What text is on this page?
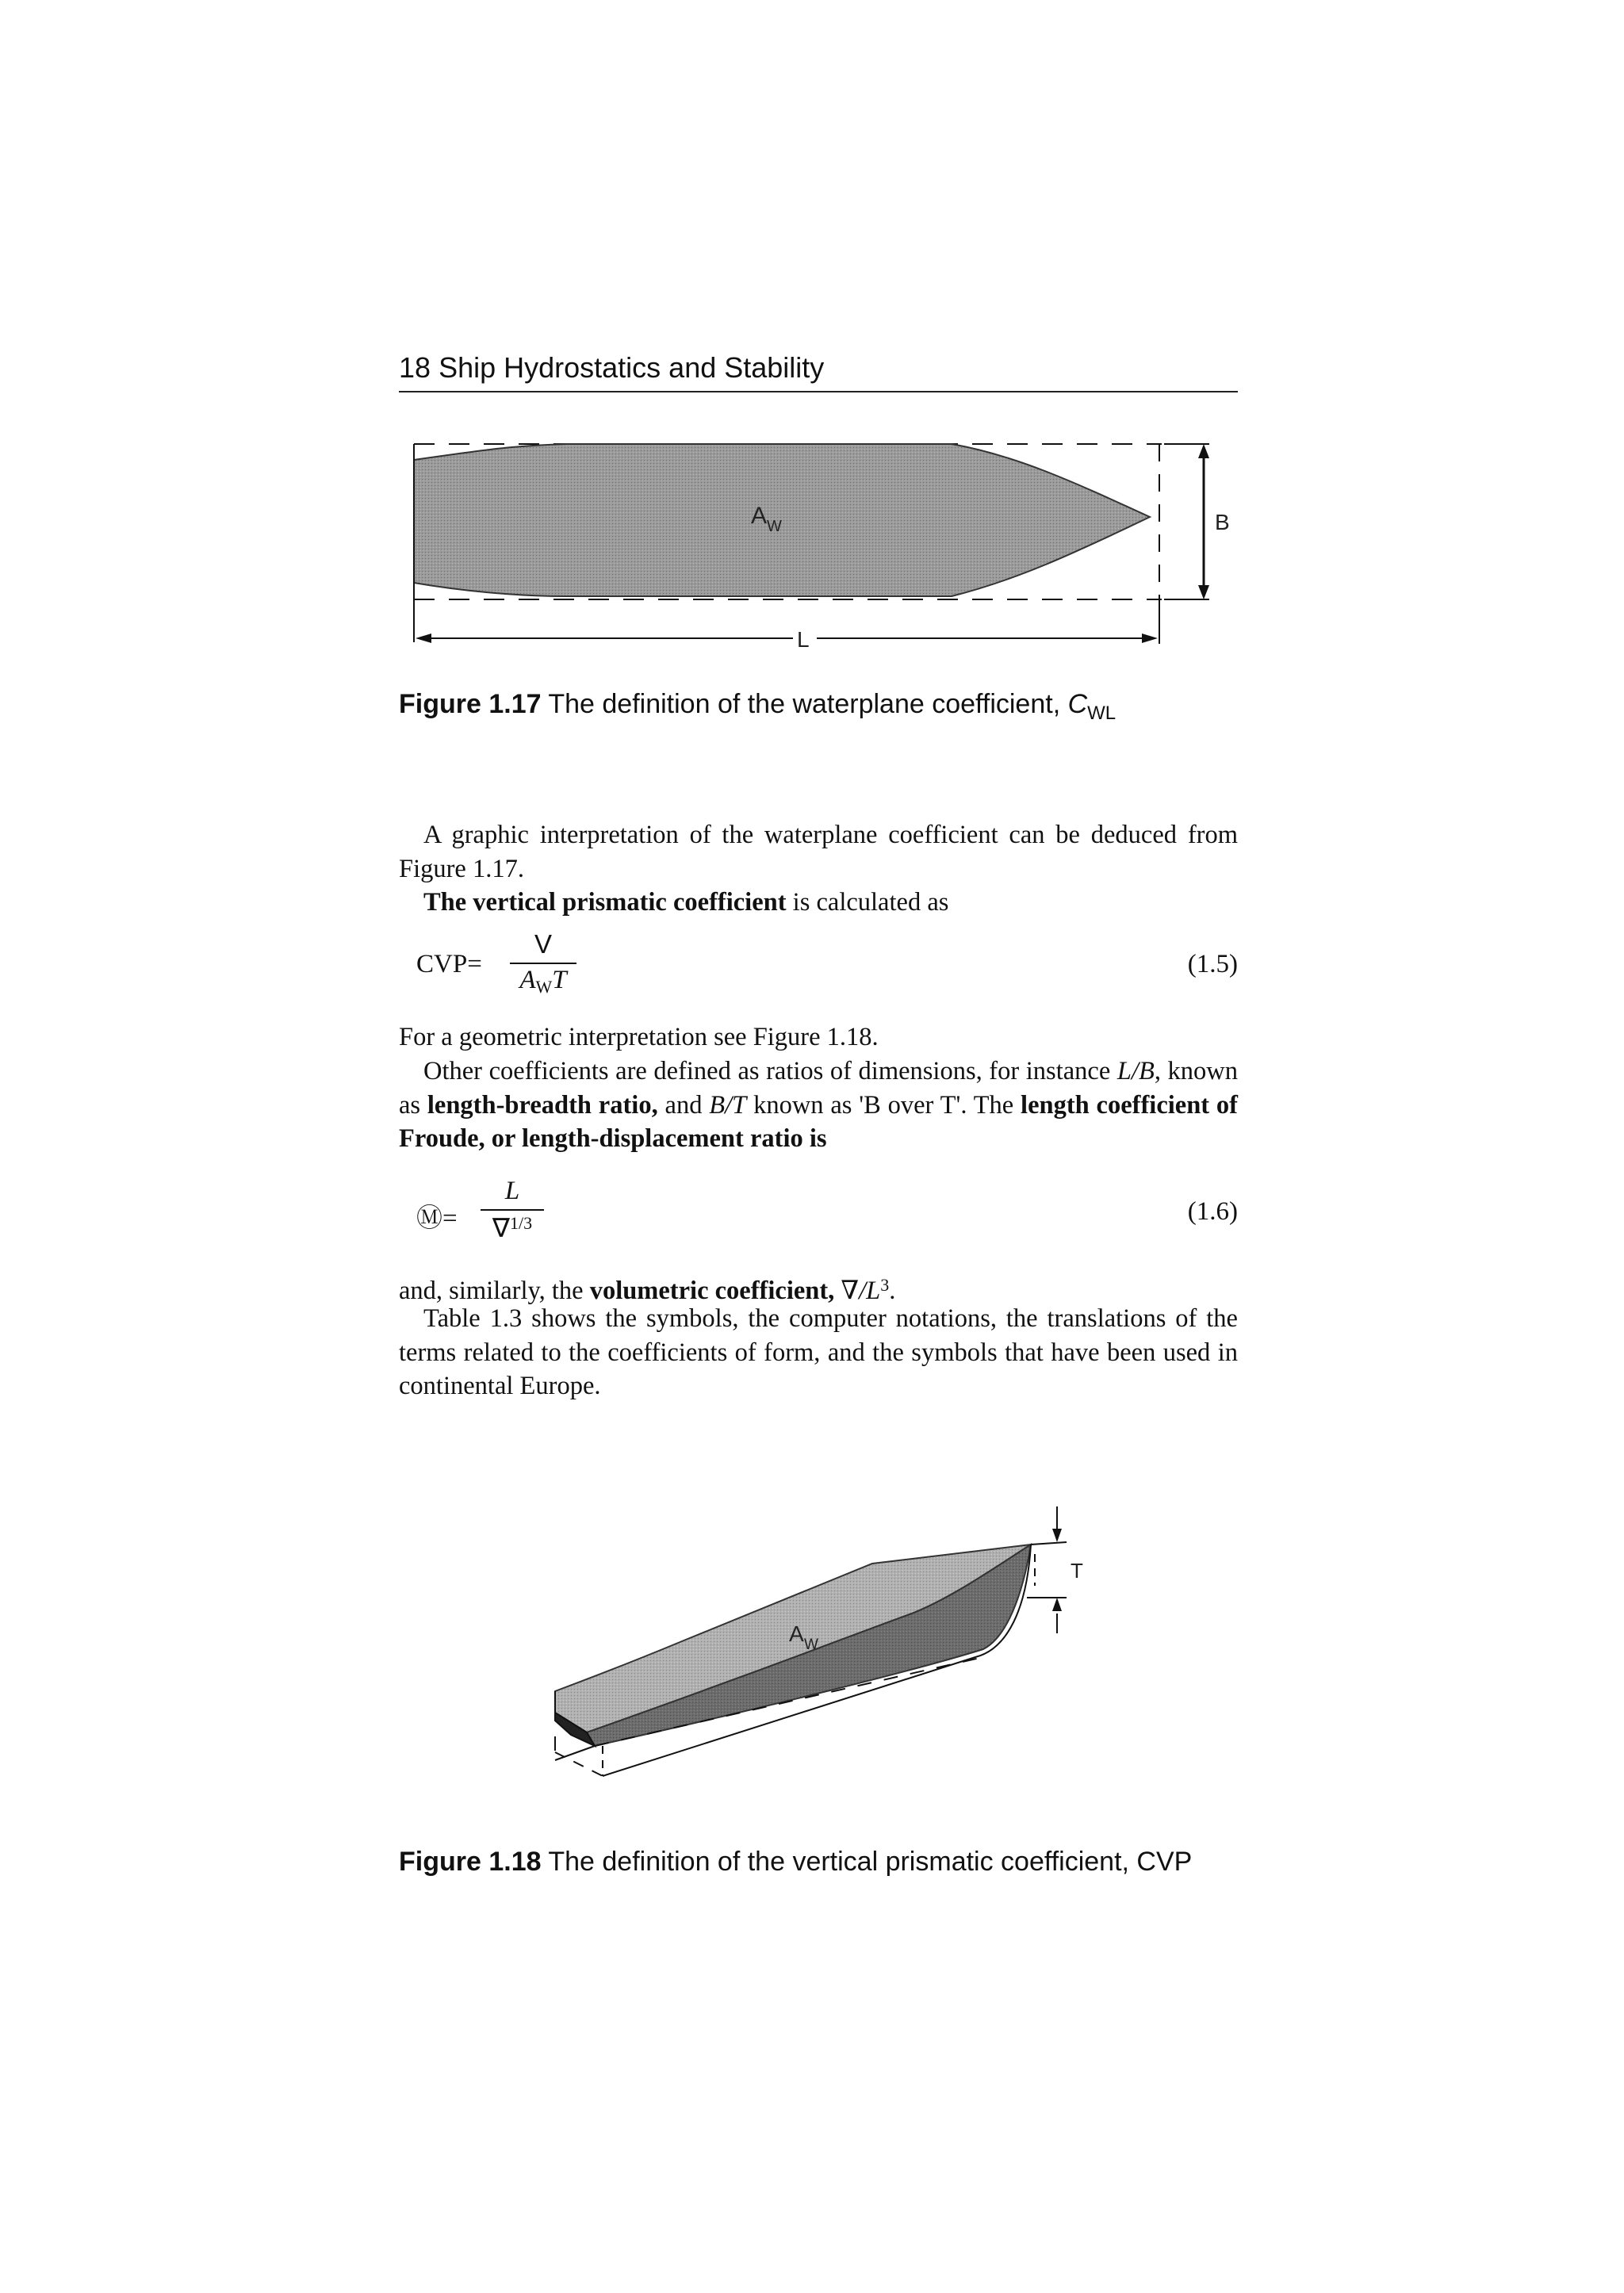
18 Ship Hydrostatics and Stability
A W	B
L
Figure 1.17 The definition of the waterplane coefficient, $C_{WL}$
A graphic interpretation of the waterplane coefficient can be deduced from Figure 1.17.
The vertical prismatic coefficient is calculated as
CVP=
V
AWT
(1.5)
For a geometric interpretation see Figure 1.18.
Other coefficients are defined as ratios of dimensions, for instance L/B, known as length-breadth ratio, and B/T known as 'B over T'. The length coefficient of Froude, or length-displacement ratio is
Ⓜ=
L
∇$^{1/3}$	(1.6)
and, similarly, the volumetric coefficient, $\nabla/L^3$.
Table 1.3 shows the symbols, the computer notations, the translations of the terms related to the coefficients of form, and the symbols that have been used in continental Europe.
A W
T
Figure 1.18 The definition of the vertical prismatic coefficient, CVP
